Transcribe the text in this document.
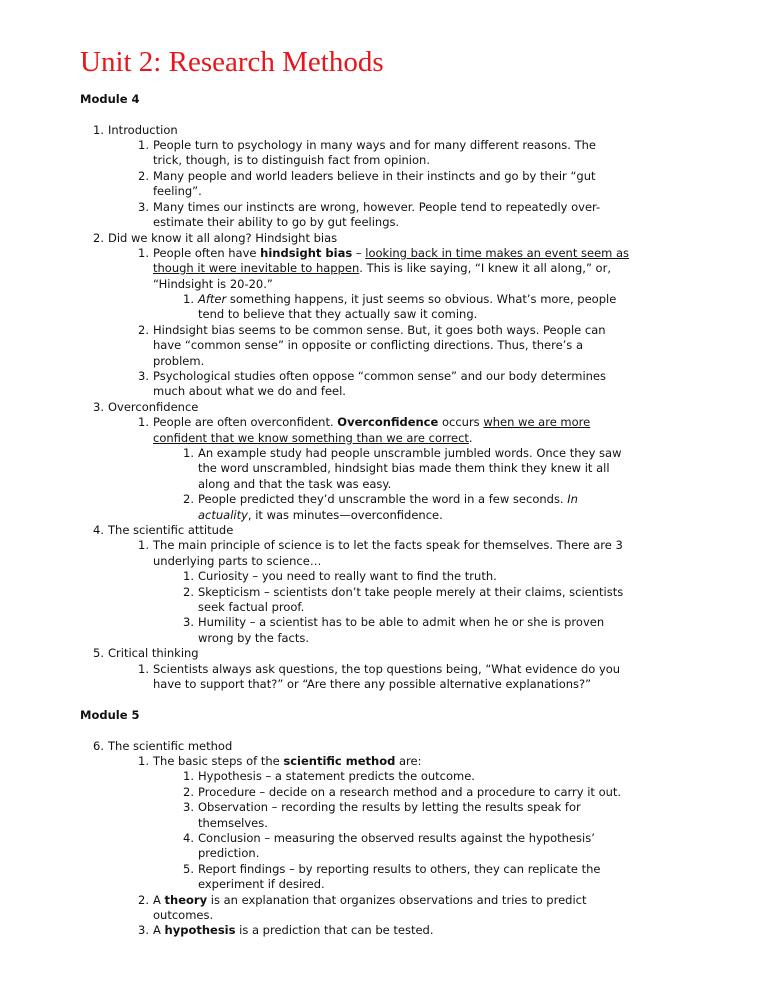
Unit 2: Research Methods
Module 4
1. Introduction
1. People turn to psychology in many ways and for many different reasons. The
trick, though, is to distinguish fact from opinion.
2. Many people and world leaders believe in their instincts and go by their “gut
feeling”.
3. Many times our instincts are wrong, however. People tend to repeatedly over-
estimate their ability to go by gut feelings.
2. Did we know it all along? Hindsight bias
1. People often have hindsight bias – looking back in time makes an event seem as
though it were inevitable to happen. This is like saying, “I knew it all along,” or,
“Hindsight is 20-20.”
1. After something happens, it just seems so obvious. What’s more, people
tend to believe that they actually saw it coming.
2. Hindsight bias seems to be common sense. But, it goes both ways. People can
have “common sense” in opposite or conflicting directions. Thus, there’s a
problem.
3. Psychological studies often oppose “common sense” and our body determines
much about what we do and feel.
3. Overconfidence
1. People are often overconfident. Overconfidence occurs when we are more
confident that we know something than we are correct.
1. An example study had people unscramble jumbled words. Once they saw
the word unscrambled, hindsight bias made them think they knew it all
along and that the task was easy.
2. People predicted they’d unscramble the word in a few seconds. In
actuality, it was minutes—overconfidence.
4. The scientific attitude
1. The main principle of science is to let the facts speak for themselves. There are 3
underlying parts to science…
1. Curiosity – you need to really want to find the truth.
2. Skepticism – scientists don’t take people merely at their claims, scientists
seek factual proof.
3. Humility – a scientist has to be able to admit when he or she is proven
wrong by the facts.
5. Critical thinking
1. Scientists always ask questions, the top questions being, “What evidence do you
have to support that?” or “Are there any possible alternative explanations?”
Module 5
6. The scientific method
1. The basic steps of the scientific method are:
1. Hypothesis – a statement predicts the outcome.
2. Procedure – decide on a research method and a procedure to carry it out.
3. Observation – recording the results by letting the results speak for
themselves.
4. Conclusion – measuring the observed results against the hypothesis’
prediction.
5. Report findings – by reporting results to others, they can replicate the
experiment if desired.
2. A theory is an explanation that organizes observations and tries to predict
outcomes.
3. A hypothesis is a prediction that can be tested.
